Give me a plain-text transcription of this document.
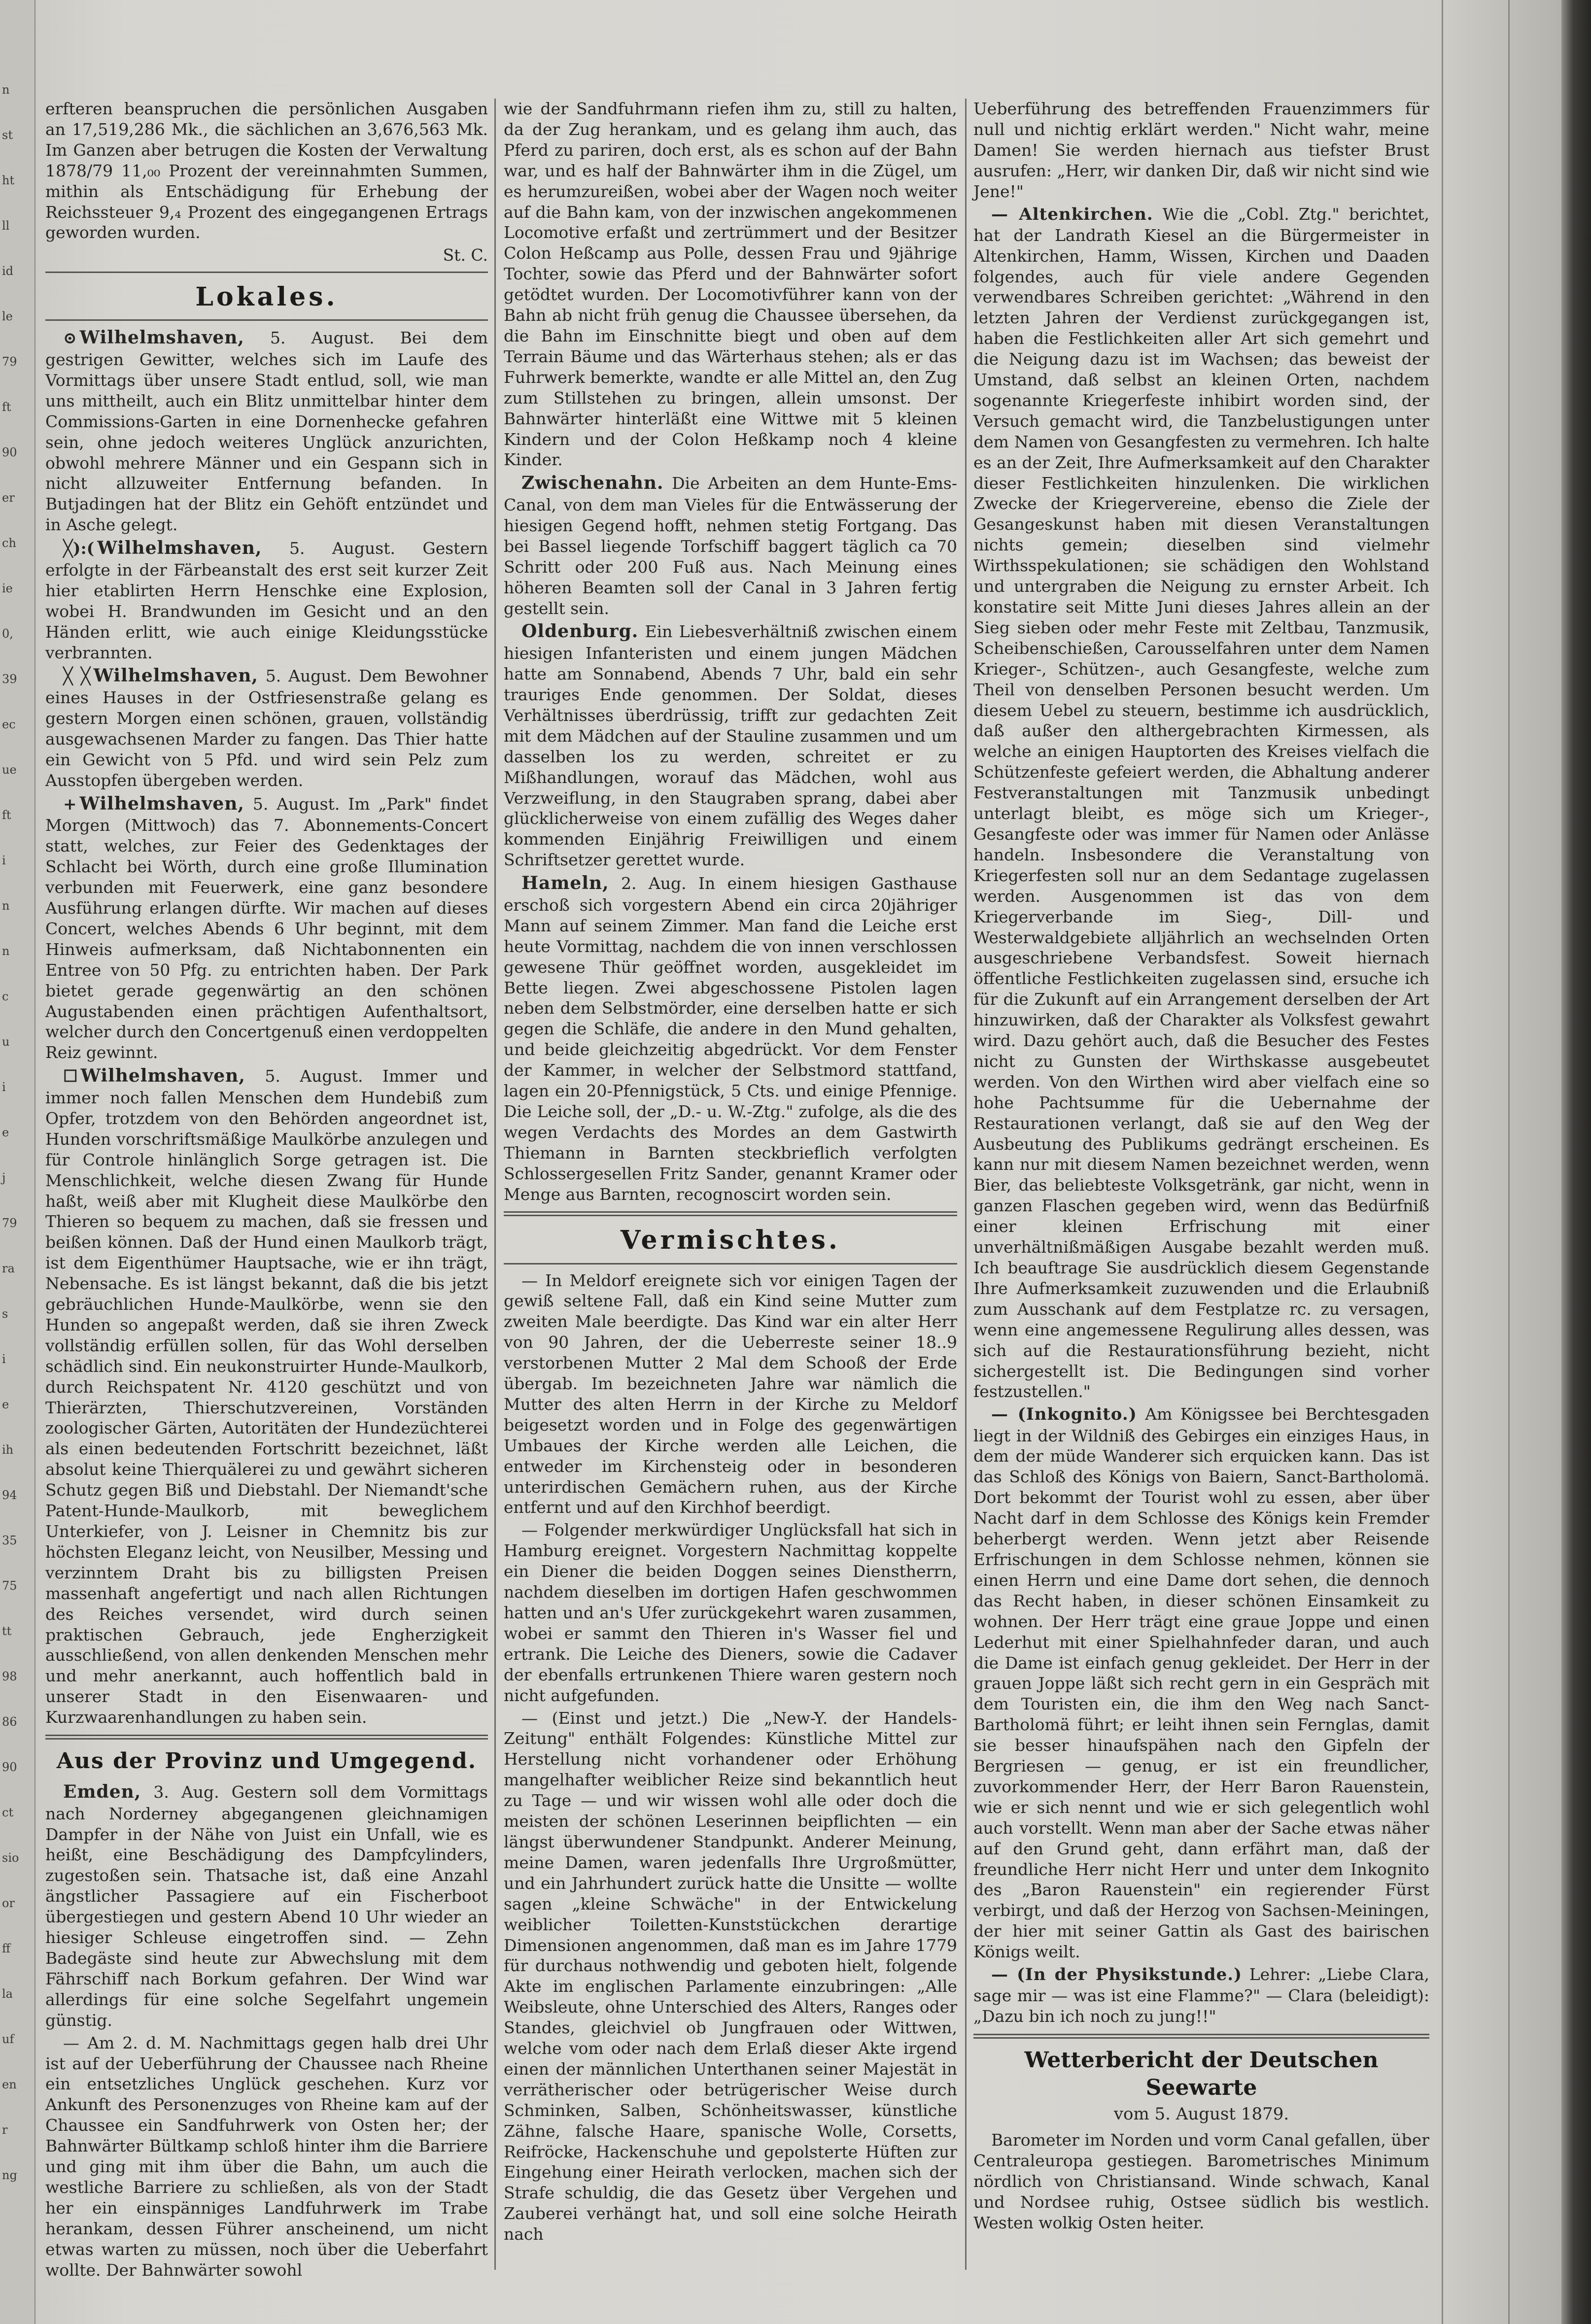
n
st
ht
ll
id
le
79
ft
90
er
ch
ie
0,
39
ec
ue
ft
i
n
n
c
u
i
e
j
79
ra
s
i
e
ih
94
35
75
tt
98
86
90
ct
sio
or
ff
la
uf
en
r
ng

erfteren beanspruchen die persönlichen Ausgaben an 17,519,286 Mk., die sächlichen an 3,676,563 Mk. Im Ganzen aber betrugen die Kosten der Verwaltung 1878/79 11,₀₀ Prozent der vereinnahmten Summen, mithin als Entschädigung für Erhebung der Reichssteuer 9,₄ Prozent des eingegangenen Ertrags geworden wurden.

St. C.

Lokales.

⊙ Wilhelmshaven, 5. August. Bei dem gestrigen Gewitter, welches sich im Laufe des Vormittags über unsere Stadt entlud, soll, wie man uns mittheilt, auch ein Blitz unmittelbar hinter dem Commissions-Garten in eine Dornenhecke gefahren sein, ohne jedoch weiteres Unglück anzurichten, obwohl mehrere Männer und ein Gespann sich in nicht allzuweiter Entfernung befanden. In Butjadingen hat der Blitz ein Gehöft entzündet und in Asche gelegt.

╳):( Wilhelmshaven, 5. August. Gestern erfolgte in der Färbeanstalt des erst seit kurzer Zeit hier etablirten Herrn Henschke eine Explosion, wobei H. Brandwunden im Gesicht und an den Händen erlitt, wie auch einige Kleidungsstücke verbrannten.

╳ ╳ Wilhelmshaven, 5. August. Dem Bewohner eines Hauses in der Ostfriesenstraße gelang es gestern Morgen einen schönen, grauen, vollständig ausgewachsenen Marder zu fangen. Das Thier hatte ein Gewicht von 5 Pfd. und wird sein Pelz zum Ausstopfen übergeben werden.

+ Wilhelmshaven, 5. August. Im „Park" findet Morgen (Mittwoch) das 7. Abonnements-Concert statt, welches, zur Feier des Gedenktages der Schlacht bei Wörth, durch eine große Illumination verbunden mit Feuerwerk, eine ganz besondere Ausführung erlangen dürfte. Wir machen auf dieses Concert, welches Abends 6 Uhr beginnt, mit dem Hinweis aufmerksam, daß Nichtabonnenten ein Entree von 50 Pfg. zu entrichten haben. Der Park bietet gerade gegenwärtig an den schönen Augustabenden einen prächtigen Aufenthaltsort, welcher durch den Concertgenuß einen verdoppelten Reiz gewinnt.

☐ Wilhelmshaven, 5. August. Immer und immer noch fallen Menschen dem Hundebiß zum Opfer, trotzdem von den Behörden angeordnet ist, Hunden vorschriftsmäßige Maulkörbe anzulegen und für Controle hinlänglich Sorge getragen ist. Die Menschlichkeit, welche diesen Zwang für Hunde haßt, weiß aber mit Klugheit diese Maulkörbe den Thieren so bequem zu machen, daß sie fressen und beißen können. Daß der Hund einen Maulkorb trägt, ist dem Eigenthümer Hauptsache, wie er ihn trägt, Nebensache. Es ist längst bekannt, daß die bis jetzt gebräuchlichen Hunde-Maulkörbe, wenn sie den Hunden so angepaßt werden, daß sie ihren Zweck vollständig erfüllen sollen, für das Wohl derselben schädlich sind. Ein neukonstruirter Hunde-Maulkorb, durch Reichspatent Nr. 4120 geschützt und von Thierärzten, Thierschutzvereinen, Vorständen zoologischer Gärten, Autoritäten der Hundezüchterei als einen bedeutenden Fortschritt bezeichnet, läßt absolut keine Thierquälerei zu und gewährt sicheren Schutz gegen Biß und Diebstahl. Der Niemandt'sche Patent-Hunde-Maulkorb, mit beweglichem Unterkiefer, von J. Leisner in Chemnitz bis zur höchsten Eleganz leicht, von Neusilber, Messing und verzinntem Draht bis zu billigsten Preisen massenhaft angefertigt und nach allen Richtungen des Reiches versendet, wird durch seinen praktischen Gebrauch, jede Engherzigkeit ausschließend, von allen denkenden Menschen mehr und mehr anerkannt, auch hoffentlich bald in unserer Stadt in den Eisenwaaren- und Kurzwaarenhandlungen zu haben sein.

Aus der Provinz und Umgegend.

Emden, 3. Aug. Gestern soll dem Vormittags nach Norderney abgegangenen gleichnamigen Dampfer in der Nähe von Juist ein Unfall, wie es heißt, eine Beschädigung des Dampfcylinders, zugestoßen sein. Thatsache ist, daß eine Anzahl ängstlicher Passagiere auf ein Fischerboot übergestiegen und gestern Abend 10 Uhr wieder an hiesiger Schleuse eingetroffen sind. — Zehn Badegäste sind heute zur Abwechslung mit dem Fährschiff nach Borkum gefahren. Der Wind war allerdings für eine solche Segelfahrt ungemein günstig.

— Am 2. d. M. Nachmittags gegen halb drei Uhr ist auf der Ueberführung der Chaussee nach Rheine ein entsetzliches Unglück geschehen. Kurz vor Ankunft des Personenzuges von Rheine kam auf der Chaussee ein Sandfuhrwerk von Osten her; der Bahnwärter Bültkamp schloß hinter ihm die Barriere und ging mit ihm über die Bahn, um auch die westliche Barriere zu schließen, als von der Stadt her ein einspänniges Landfuhrwerk im Trabe herankam, dessen Führer anscheinend, um nicht etwas warten zu müssen, noch über die Ueberfahrt wollte. Der Bahnwärter sowohl

wie der Sandfuhrmann riefen ihm zu, still zu halten, da der Zug herankam, und es gelang ihm auch, das Pferd zu pariren, doch erst, als es schon auf der Bahn war, und es half der Bahnwärter ihm in die Zügel, um es herumzureißen, wobei aber der Wagen noch weiter auf die Bahn kam, von der inzwischen angekommenen Locomotive erfaßt und zertrümmert und der Besitzer Colon Heßcamp aus Polle, dessen Frau und 9jährige Tochter, sowie das Pferd und der Bahnwärter sofort getödtet wurden. Der Locomotivführer kann von der Bahn ab nicht früh genug die Chaussee übersehen, da die Bahn im Einschnitte biegt und oben auf dem Terrain Bäume und das Wärterhaus stehen; als er das Fuhrwerk bemerkte, wandte er alle Mittel an, den Zug zum Stillstehen zu bringen, allein umsonst. Der Bahnwärter hinterläßt eine Wittwe mit 5 kleinen Kindern und der Colon Heßkamp noch 4 kleine Kinder.

Zwischenahn. Die Arbeiten an dem Hunte-Ems-Canal, von dem man Vieles für die Entwässerung der hiesigen Gegend hofft, nehmen stetig Fortgang. Das bei Bassel liegende Torfschiff baggert täglich ca 70 Schritt oder 200 Fuß aus. Nach Meinung eines höheren Beamten soll der Canal in 3 Jahren fertig gestellt sein.

Oldenburg. Ein Liebesverhältniß zwischen einem hiesigen Infanteristen und einem jungen Mädchen hatte am Sonnabend, Abends 7 Uhr, bald ein sehr trauriges Ende genommen. Der Soldat, dieses Verhältnisses überdrüssig, trifft zur gedachten Zeit mit dem Mädchen auf der Stauline zusammen und um dasselben los zu werden, schreitet er zu Mißhandlungen, worauf das Mädchen, wohl aus Verzweiflung, in den Staugraben sprang, dabei aber glücklicherweise von einem zufällig des Weges daher kommenden Einjährig Freiwilligen und einem Schriftsetzer gerettet wurde.

Hameln, 2. Aug. In einem hiesigen Gasthause erschoß sich vorgestern Abend ein circa 20jähriger Mann auf seinem Zimmer. Man fand die Leiche erst heute Vormittag, nachdem die von innen verschlossen gewesene Thür geöffnet worden, ausgekleidet im Bette liegen. Zwei abgeschossene Pistolen lagen neben dem Selbstmörder, eine derselben hatte er sich gegen die Schläfe, die andere in den Mund gehalten, und beide gleichzeitig abgedrückt. Vor dem Fenster der Kammer, in welcher der Selbstmord stattfand, lagen ein 20-Pfennigstück, 5 Cts. und einige Pfennige. Die Leiche soll, der „D.- u. W.-Ztg." zufolge, als die des wegen Verdachts des Mordes an dem Gastwirth Thiemann in Barnten steckbrieflich verfolgten Schlossergesellen Fritz Sander, genannt Kramer oder Menge aus Barnten, recognoscirt worden sein.

Vermischtes.

— In Meldorf ereignete sich vor einigen Tagen der gewiß seltene Fall, daß ein Kind seine Mutter zum zweiten Male beerdigte. Das Kind war ein alter Herr von 90 Jahren, der die Ueberreste seiner 18..9 verstorbenen Mutter 2 Mal dem Schooß der Erde übergab. Im bezeichneten Jahre war nämlich die Mutter des alten Herrn in der Kirche zu Meldorf beigesetzt worden und in Folge des gegenwärtigen Umbaues der Kirche werden alle Leichen, die entweder im Kirchensteig oder in besonderen unterirdischen Gemächern ruhen, aus der Kirche entfernt und auf den Kirchhof beerdigt.

— Folgender merkwürdiger Unglücksfall hat sich in Hamburg ereignet. Vorgestern Nachmittag koppelte ein Diener die beiden Doggen seines Dienstherrn, nachdem dieselben im dortigen Hafen geschwommen hatten und an's Ufer zurückgekehrt waren zusammen, wobei er sammt den Thieren in's Wasser fiel und ertrank. Die Leiche des Dieners, sowie die Cadaver der ebenfalls ertrunkenen Thiere waren gestern noch nicht aufgefunden.

— (Einst und jetzt.) Die „New-Y. der Handels-Zeitung" enthält Folgendes: Künstliche Mittel zur Herstellung nicht vorhandener oder Erhöhung mangelhafter weiblicher Reize sind bekanntlich heut zu Tage — und wir wissen wohl alle oder doch die meisten der schönen Leserinnen beipflichten — ein längst überwundener Standpunkt. Anderer Meinung, meine Damen, waren jedenfalls Ihre Urgroßmütter, und ein Jahrhundert zurück hatte die Unsitte — wollte sagen „kleine Schwäche" in der Entwickelung weiblicher Toiletten-Kunststückchen derartige Dimensionen angenommen, daß man es im Jahre 1779 für durchaus nothwendig und geboten hielt, folgende Akte im englischen Parlamente einzubringen: „Alle Weibsleute, ohne Unterschied des Alters, Ranges oder Standes, gleichviel ob Jungfrauen oder Wittwen, welche vom oder nach dem Erlaß dieser Akte irgend einen der männlichen Unterthanen seiner Majestät in verrätherischer oder betrügerischer Weise durch Schminken, Salben, Schönheitswasser, künstliche Zähne, falsche Haare, spanische Wolle, Corsetts, Reifröcke, Hackenschuhe und gepolsterte Hüften zur Eingehung einer Heirath verlocken, machen sich der Strafe schuldig, die das Gesetz über Vergehen und Zauberei verhängt hat, und soll eine solche Heirath nach

Ueberführung des betreffenden Frauenzimmers für null und nichtig erklärt werden." Nicht wahr, meine Damen! Sie werden hiernach aus tiefster Brust ausrufen: „Herr, wir danken Dir, daß wir nicht sind wie Jene!"

— Altenkirchen. Wie die „Cobl. Ztg." berichtet, hat der Landrath Kiesel an die Bürgermeister in Altenkirchen, Hamm, Wissen, Kirchen und Daaden folgendes, auch für viele andere Gegenden verwendbares Schreiben gerichtet: „Während in den letzten Jahren der Verdienst zurückgegangen ist, haben die Festlichkeiten aller Art sich gemehrt und die Neigung dazu ist im Wachsen; das beweist der Umstand, daß selbst an kleinen Orten, nachdem sogenannte Kriegerfeste inhibirt worden sind, der Versuch gemacht wird, die Tanzbelustigungen unter dem Namen von Gesangfesten zu vermehren. Ich halte es an der Zeit, Ihre Aufmerksamkeit auf den Charakter dieser Festlichkeiten hinzulenken. Die wirklichen Zwecke der Kriegervereine, ebenso die Ziele der Gesangeskunst haben mit diesen Veranstaltungen nichts gemein; dieselben sind vielmehr Wirthsspekulationen; sie schädigen den Wohlstand und untergraben die Neigung zu ernster Arbeit. Ich konstatire seit Mitte Juni dieses Jahres allein an der Sieg sieben oder mehr Feste mit Zeltbau, Tanzmusik, Scheibenschießen, Carousselfahren unter dem Namen Krieger-, Schützen-, auch Gesangfeste, welche zum Theil von denselben Personen besucht werden. Um diesem Uebel zu steuern, bestimme ich ausdrücklich, daß außer den althergebrachten Kirmessen, als welche an einigen Hauptorten des Kreises vielfach die Schützenfeste gefeiert werden, die Abhaltung anderer Festveranstaltungen mit Tanzmusik unbedingt unterlagt bleibt, es möge sich um Krieger-, Gesangfeste oder was immer für Namen oder Anlässe handeln. Insbesondere die Veranstaltung von Kriegerfesten soll nur an dem Sedantage zugelassen werden. Ausgenommen ist das von dem Kriegerverbande im Sieg-, Dill- und Westerwaldgebiete alljährlich an wechselnden Orten ausgeschriebene Verbandsfest. Soweit hiernach öffentliche Festlichkeiten zugelassen sind, ersuche ich für die Zukunft auf ein Arrangement derselben der Art hinzuwirken, daß der Charakter als Volksfest gewahrt wird. Dazu gehört auch, daß die Besucher des Festes nicht zu Gunsten der Wirthskasse ausgebeutet werden. Von den Wirthen wird aber vielfach eine so hohe Pachtsumme für die Uebernahme der Restaurationen verlangt, daß sie auf den Weg der Ausbeutung des Publikums gedrängt erscheinen. Es kann nur mit diesem Namen bezeichnet werden, wenn Bier, das beliebteste Volksgetränk, gar nicht, wenn in ganzen Flaschen gegeben wird, wenn das Bedürfniß einer kleinen Erfrischung mit einer unverhältnißmäßigen Ausgabe bezahlt werden muß. Ich beauftrage Sie ausdrücklich diesem Gegenstande Ihre Aufmerksamkeit zuzuwenden und die Erlaubniß zum Ausschank auf dem Festplatze rc. zu versagen, wenn eine angemessene Regulirung alles dessen, was sich auf die Restaurationsführung bezieht, nicht sichergestellt ist. Die Bedingungen sind vorher festzustellen."

— (Inkognito.) Am Königssee bei Berchtesgaden liegt in der Wildniß des Gebirges ein einziges Haus, in dem der müde Wanderer sich erquicken kann. Das ist das Schloß des Königs von Baiern, Sanct-Bartholomä. Dort bekommt der Tourist wohl zu essen, aber über Nacht darf in dem Schlosse des Königs kein Fremder beherbergt werden. Wenn jetzt aber Reisende Erfrischungen in dem Schlosse nehmen, können sie einen Herrn und eine Dame dort sehen, die dennoch das Recht haben, in dieser schönen Einsamkeit zu wohnen. Der Herr trägt eine graue Joppe und einen Lederhut mit einer Spielhahnfeder daran, und auch die Dame ist einfach genug gekleidet. Der Herr in der grauen Joppe läßt sich recht gern in ein Gespräch mit dem Touristen ein, die ihm den Weg nach Sanct-Bartholomä führt; er leiht ihnen sein Fernglas, damit sie besser hinaufspähen nach den Gipfeln der Bergriesen — genug, er ist ein freundlicher, zuvorkommender Herr, der Herr Baron Rauenstein, wie er sich nennt und wie er sich gelegentlich wohl auch vorstellt. Wenn man aber der Sache etwas näher auf den Grund geht, dann erfährt man, daß der freundliche Herr nicht Herr und unter dem Inkognito des „Baron Rauenstein" ein regierender Fürst verbirgt, und daß der Herzog von Sachsen-Meiningen, der hier mit seiner Gattin als Gast des bairischen Königs weilt.

— (In der Physikstunde.) Lehrer: „Liebe Clara, sage mir — was ist eine Flamme?" — Clara (beleidigt): „Dazu bin ich noch zu jung!!"

Wetterbericht der Deutschen Seewarte
vom 5. August 1879.

Barometer im Norden und vorm Canal gefallen, über Centraleuropa gestiegen. Barometrisches Minimum nördlich von Christiansand. Winde schwach, Kanal und Nordsee ruhig, Ostsee südlich bis westlich. Westen wolkig Osten heiter.
